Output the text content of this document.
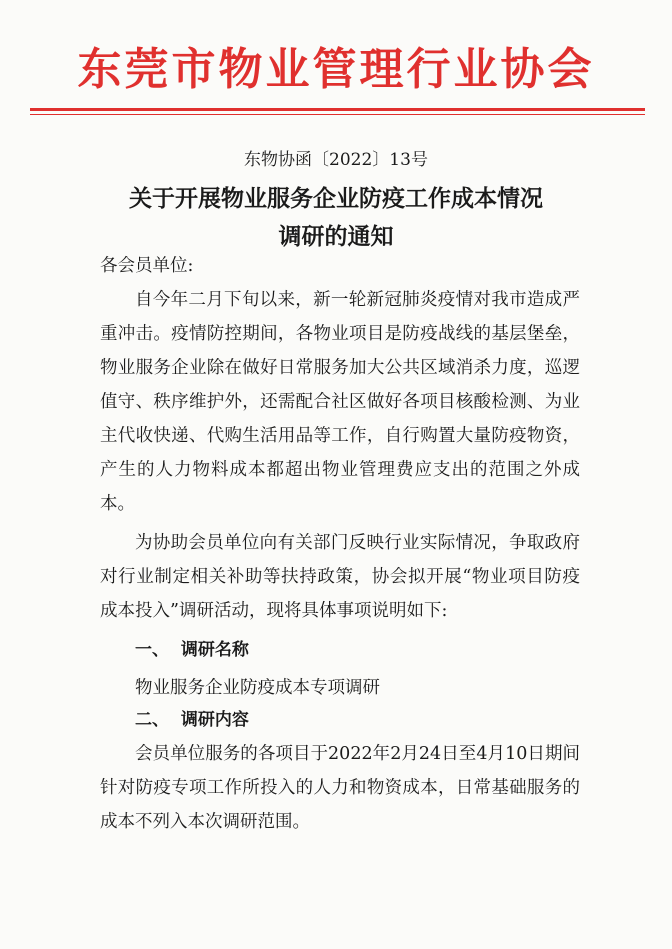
东莞市物业管理行业协会
东物协函〔2022〕13号
关于开展物业服务企业防疫工作成本情况
调研的通知
各会员单位:

自今年二月下旬以来，新一轮新冠肺炎疫情对我市造成严重冲击。疫情防控期间，各物业项目是防疫战线的基层堡垒，物业服务企业除在做好日常服务加大公共区域消杀力度，巡逻值守、秩序维护外，还需配合社区做好各项目核酸检测、为业主代收快递、代购生活用品等工作，自行购置大量防疫物资，产生的人力物料成本都超出物业管理费应支出的范围之外成本。

为协助会员单位向有关部门反映行业实际情况，争取政府对行业制定相关补助等扶持政策，协会拟开展“物业项目防疫成本投入”调研活动，现将具体事项说明如下:

一、  调研名称
物业服务企业防疫成本专项调研
二、  调研内容

会员单位服务的各项目于2022年2月24日至4月10日期间针对防疫专项工作所投入的人力和物资成本，日常基础服务的成本不列入本次调研范围。
